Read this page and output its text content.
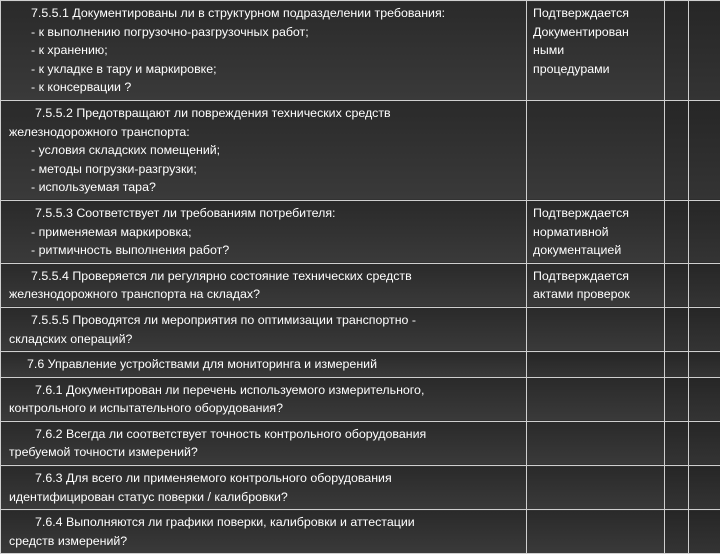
7.5.5.1 Документированы ли в структурном подразделении требования:
- к выполнению погрузочно-разгрузочных работ;
- к хранению;
- к укладке в тару и маркировке;
- к консервации ?	Подтверждается
Документирован
ными
процедурами		

7.5.5.2 Предотвращают ли повреждения технических средств
железнодорожного транспорта:
- условия складских помещений;
- методы погрузки-разгрузки;
- используемая тара?			

7.5.5.3 Соответствует ли требованиям потребителя:
- применяемая маркировка;
- ритмичность выполнения работ?	Подтверждается
нормативной
документацией		

7.5.5.4 Проверяется ли регулярно состояние технических средств
железнодорожного транспорта на складах?	Подтверждается
актами проверок		

7.5.5.5 Проводятся ли мероприятия по оптимизации транспортно -
складских операций?			

7.6 Управление устройствами для мониторинга и измерений			

7.6.1 Документирован ли перечень используемого измерительного,
контрольного и испытательного оборудования?			

7.6.2 Всегда ли соответствует точность контрольного оборудования
требуемой точности измерений?			

7.6.3 Для всего ли применяемого контрольного оборудования
идентифицирован статус поверки / калибровки?			

7.6.4 Выполняются ли графики поверки, калибровки и аттестации
средств измерений?			
